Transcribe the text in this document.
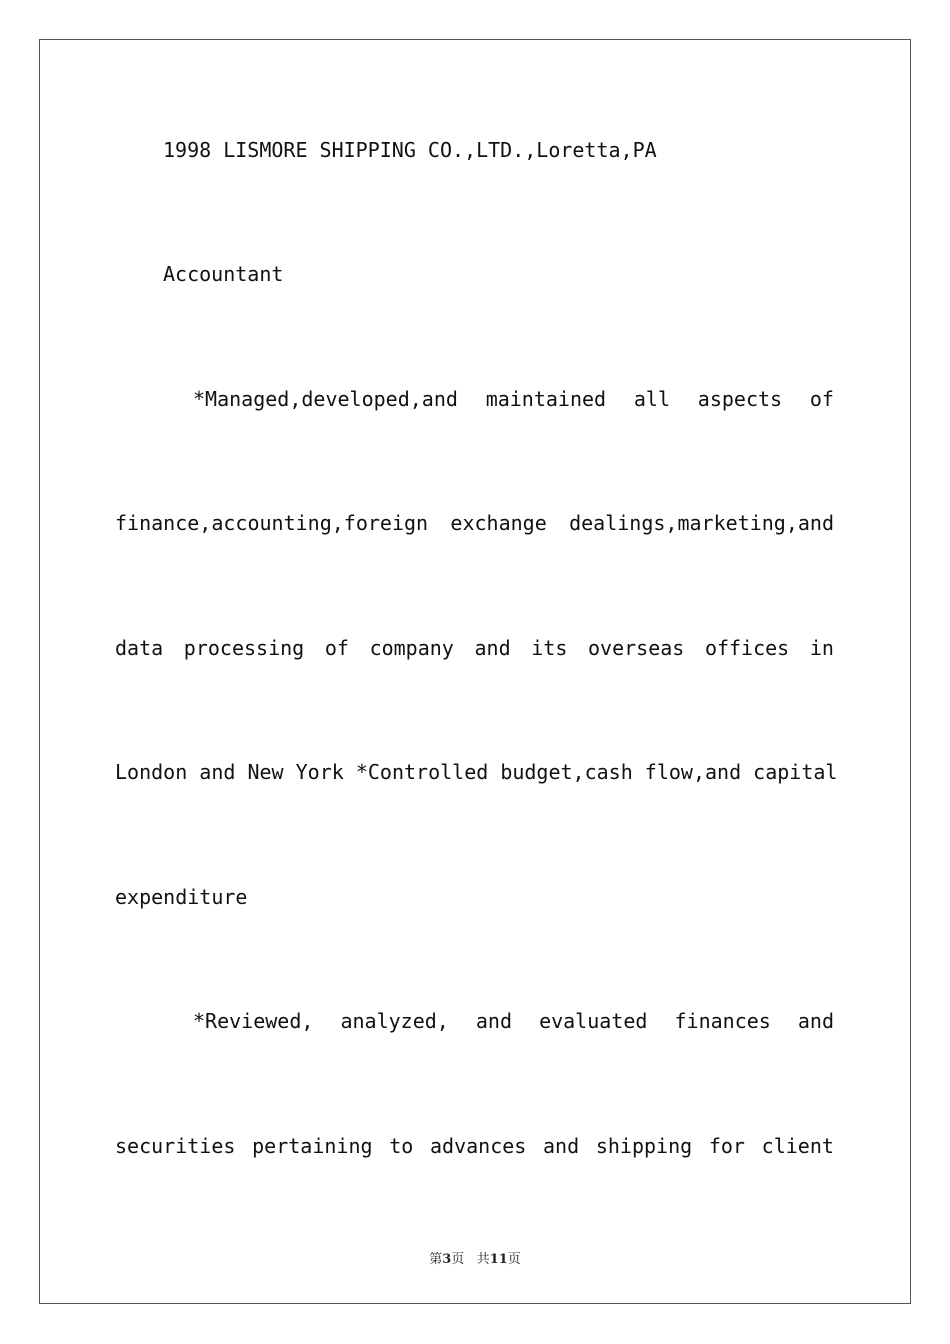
1998 LISMORE SHIPPING CO.,LTD.,Loretta,PA
Accountant
*Managed,developed,and maintained all aspects of
finance,accounting,foreign exchange dealings,marketing,and
data processing of company and its overseas offices in
London and New York *Controlled budget,cash flow,and capital
expenditure
*Reviewed, analyzed, and evaluated finances and
securities pertaining to advances and shipping for client
第3页 共11页
